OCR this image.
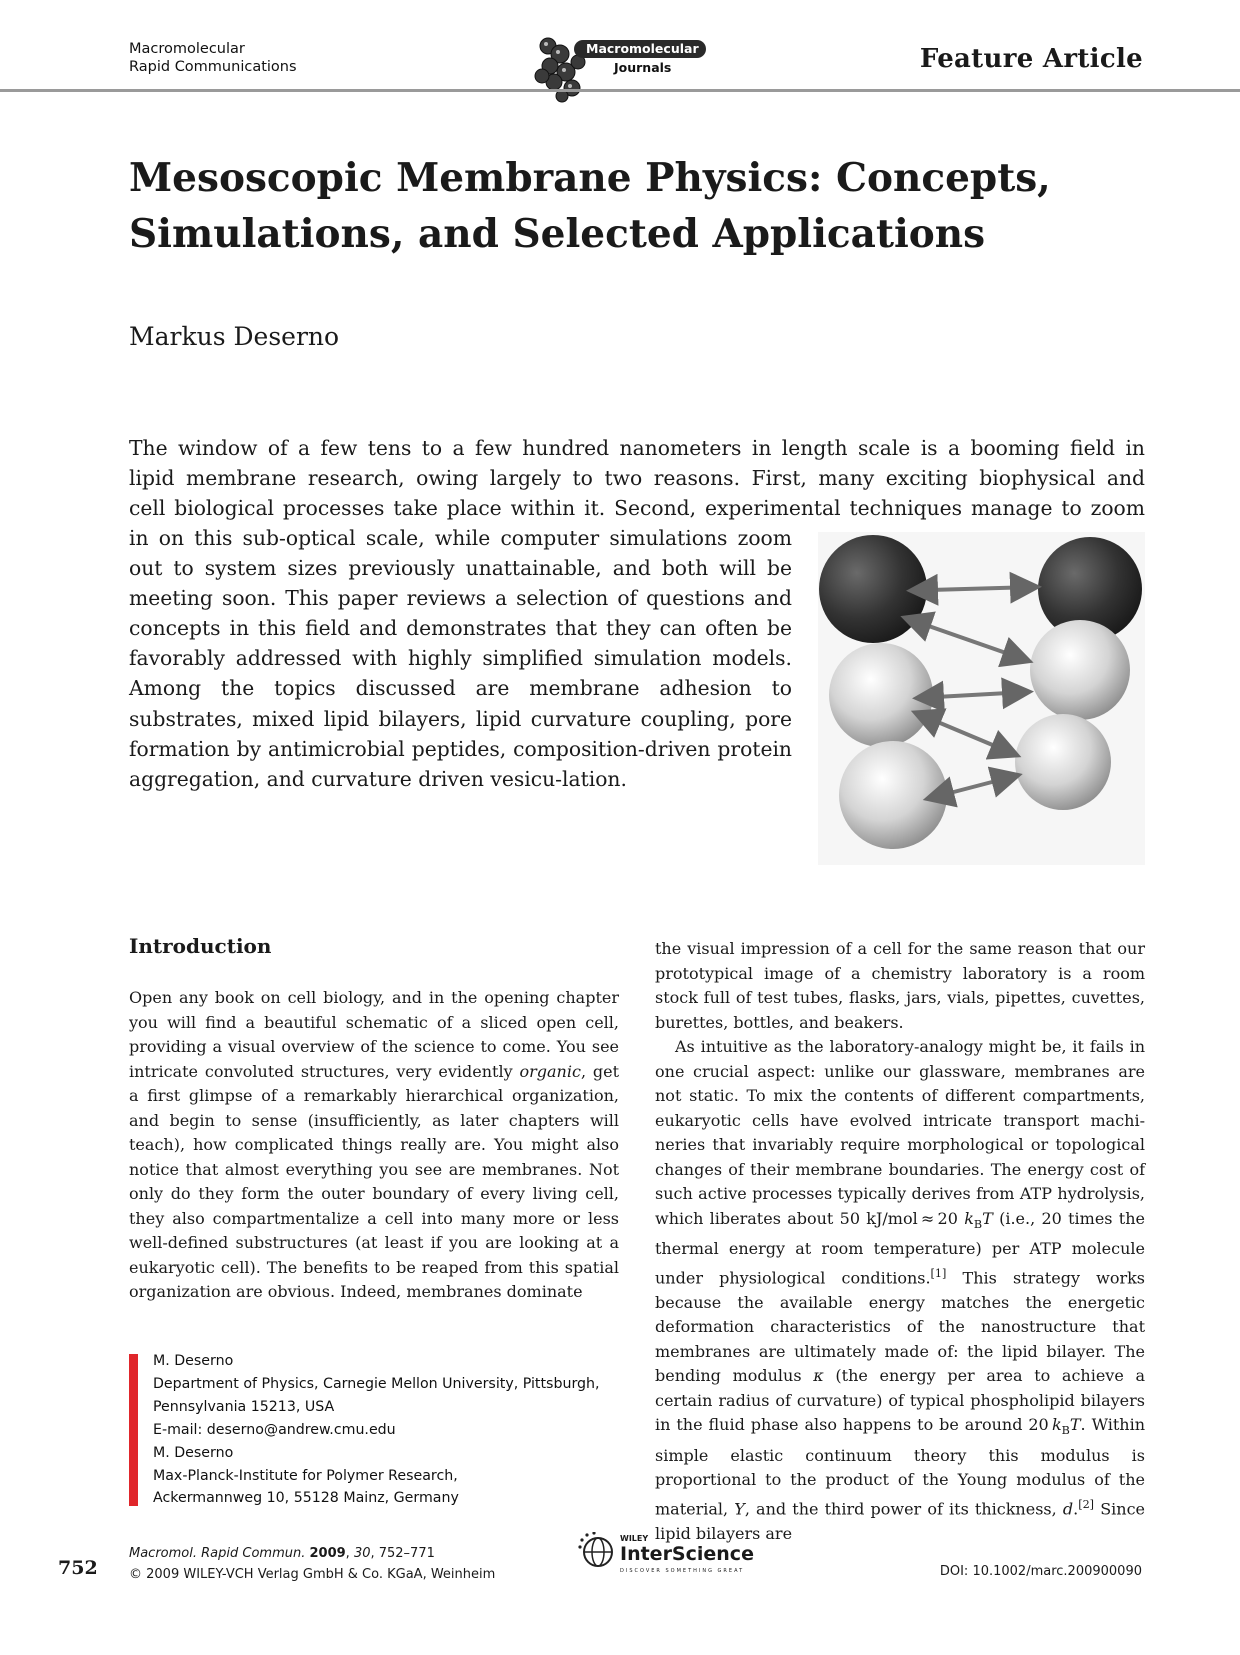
Macromolecular
Rapid Communications
Macromolecular
Journals	Feature Article
Mesoscopic Membrane Physics: Concepts,
Simulations, and Selected Applications
Markus Deserno
The window of a few tens to a few hundred nanometers in length scale is a booming field in
lipid membrane research, owing largely to two reasons. First, many exciting biophysical and
cell biological processes take place within it. Second, experimental techniques manage to zoom
in on this sub-optical scale, while computer simulations zoom out to system sizes previously unattainable, and both will be meeting soon. This paper reviews a selection of questions and concepts in this field and demonstrates that they can often be favorably addressed with highly simplified simulation models. Among the topics discussed are membrane adhesion to substrates, mixed lipid bilayers, lipid curvature coupling, pore formation by antimicrobial peptides, composition-driven protein aggregation, and curvature driven vesicu-lation.
Introduction
Open any book on cell biology, and in the opening chapter you will find a beautiful schematic of a sliced open cell, providing a visual overview of the science to come. You see intricate convoluted structures, very evidently organic, get a first glimpse of a remarkably hierarchical organization, and begin to sense (insufficiently, as later chapters will teach), how complicated things really are. You might also notice that almost everything you see are membranes. Not only do they form the outer boundary of every living cell, they also compartmentalize a cell into many more or less well-defined substructures (at least if you are looking at a eukaryotic cell). The benefits to be reaped from this spatial organization are obvious. Indeed, membranes dominate

the visual impression of a cell for the same reason that our prototypical image of a chemistry laboratory is a room stock full of test tubes, flasks, jars, vials, pipettes, cuvettes, burettes, bottles, and beakers.

As intuitive as the laboratory-analogy might be, it fails in one crucial aspect: unlike our glassware, membranes are not static. To mix the contents of different compartments, eukaryotic cells have evolved intricate transport machi-neries that invariably require morphological or topological changes of their membrane boundaries. The energy cost of such active processes typically derives from ATP hydrolysis, which liberates about 50 kJ/mol ≈ 20 $k_BT$ (i.e., 20 times the thermal energy at room temperature) per ATP molecule under physiological conditions.[1] This strategy works because the available energy matches the energetic deformation characteristics of the nanostructure that membranes are ultimately made of: the lipid bilayer. The bending modulus κ (the energy per area to achieve a certain radius of curvature) of typical phospholipid bilayers in the fluid phase also happens to be around 20 $k_BT$. Within simple elastic continuum theory this modulus is proportional to the product of the Young modulus of the material, Y, and the third power of its thickness, d.[2] Since lipid bilayers are

M. Deserno
Department of Physics, Carnegie Mellon University, Pittsburgh,
Pennsylvania 15213, USA
E-mail: deserno@andrew.cmu.edu
M. Deserno
Max-Planck-Institute for Polymer Research,
Ackermannweg 10, 55128 Mainz, Germany
752
Macromol. Rapid Commun. 2009, 30, 752–771
© 2009 WILEY-VCH Verlag GmbH & Co. KGaA, Weinheim
WILEY
InterScience
DISCOVER SOMETHING GREAT	DOI: 10.1002/marc.200900090
